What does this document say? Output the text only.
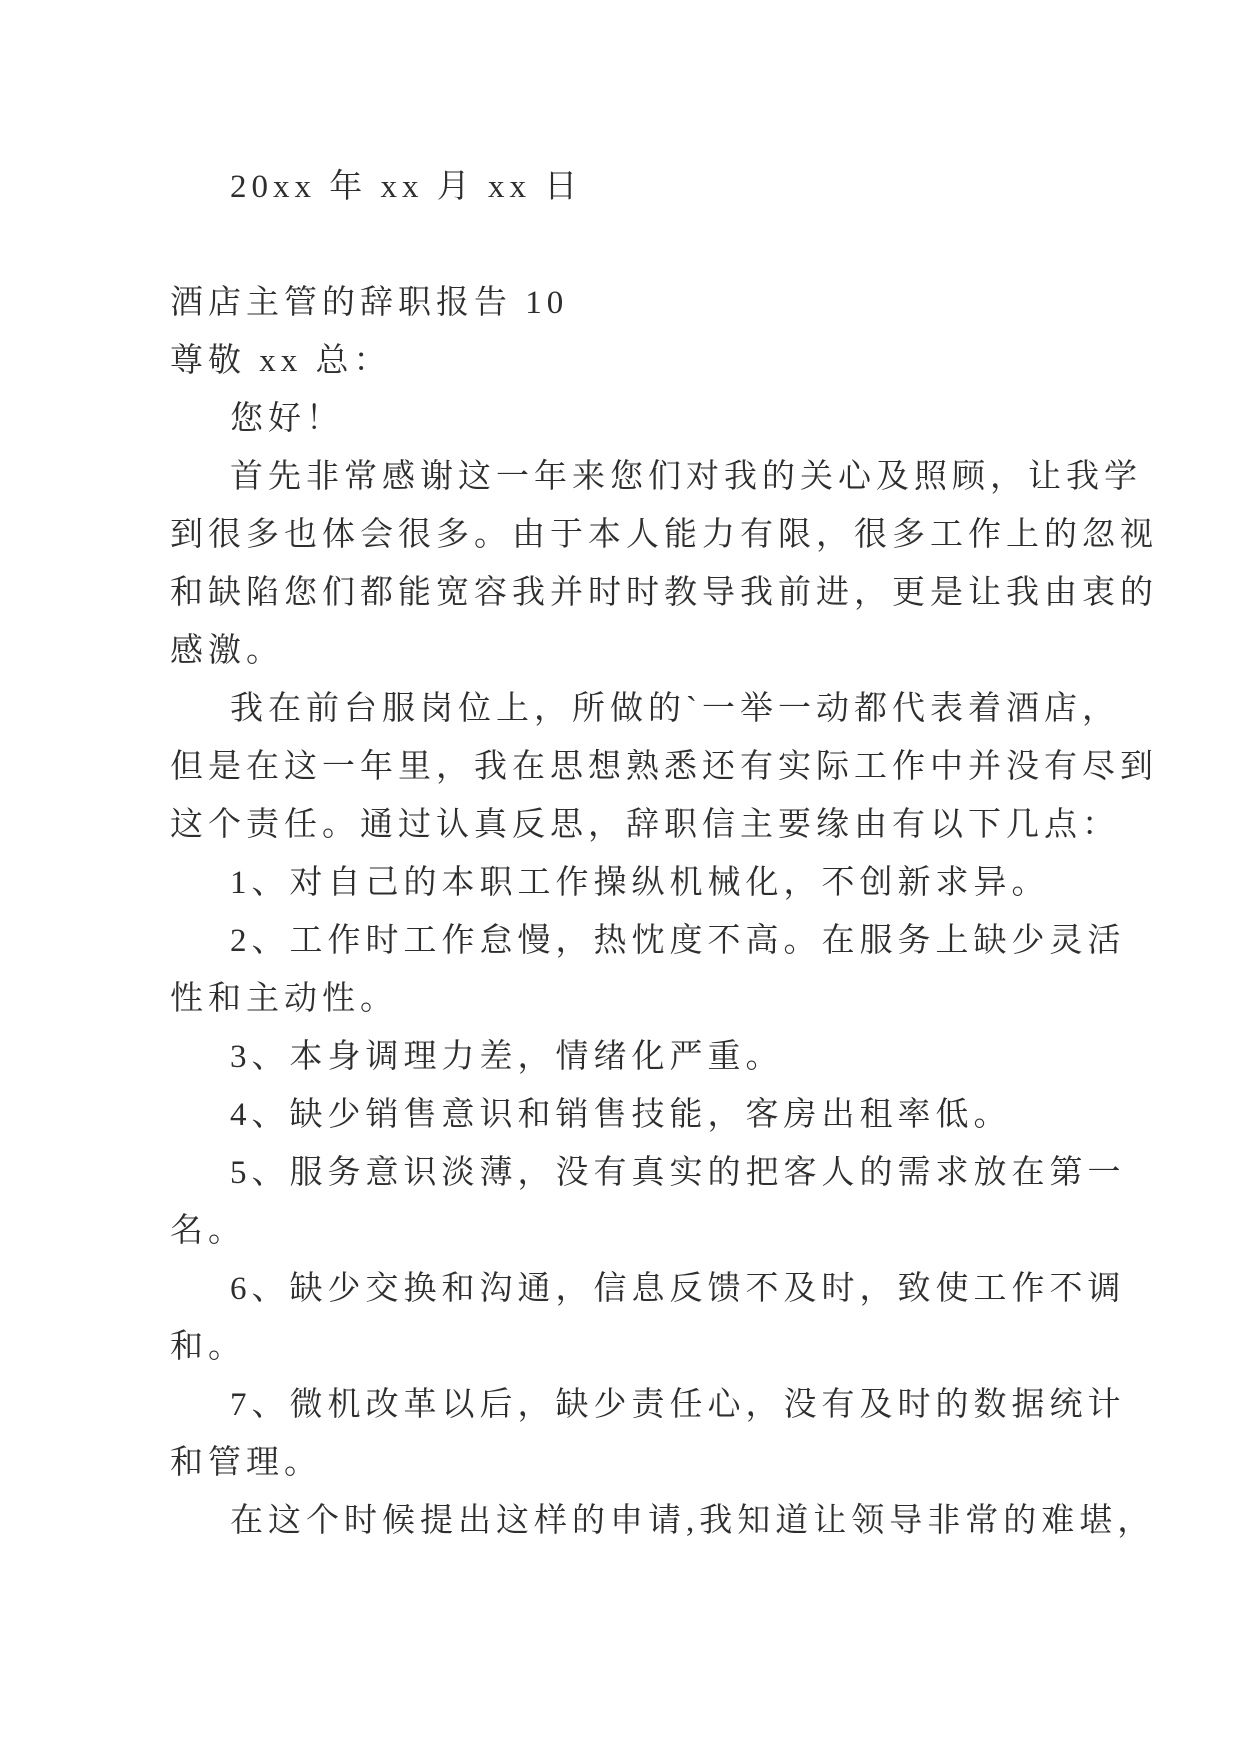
20xx 年 xx 月 xx 日
酒店主管的辞职报告 10
尊敬 xx 总：
您好！
首先非常感谢这一年来您们对我的关心及照顾，让我学
到很多也体会很多。由于本人能力有限，很多工作上的忽视
和缺陷您们都能宽容我并时时教导我前进，更是让我由衷的
感激。
我在前台服岗位上，所做的`一举一动都代表着酒店，
但是在这一年里，我在思想熟悉还有实际工作中并没有尽到
这个责任。通过认真反思，辞职信主要缘由有以下几点：
1、对自己的本职工作操纵机械化，不创新求异。
2、工作时工作怠慢，热忱度不高。在服务上缺少灵活
性和主动性。
3、本身调理力差，情绪化严重。
4、缺少销售意识和销售技能，客房出租率低。
5、服务意识淡薄，没有真实的把客人的需求放在第一
名。
6、缺少交换和沟通，信息反馈不及时，致使工作不调
和。
7、微机改革以后，缺少责任心，没有及时的数据统计
和管理。
在这个时候提出这样的申请,我知道让领导非常的难堪，
